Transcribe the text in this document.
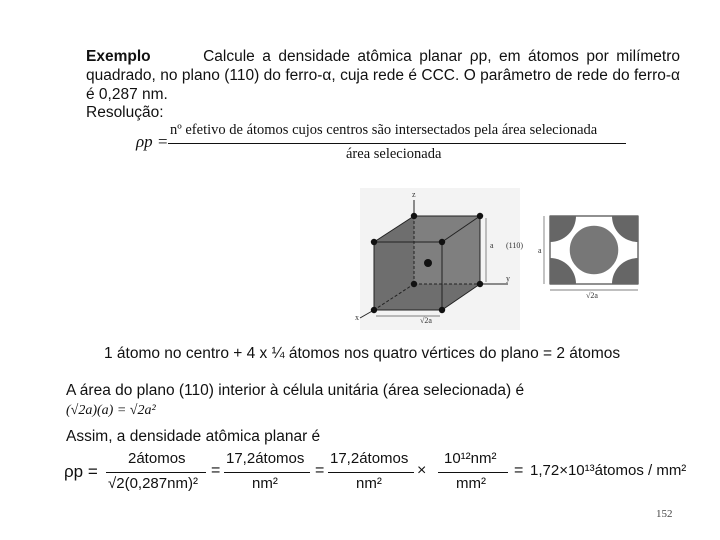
Exemplo	Calcule a densidade atômica planar ρp, em átomos por milímetro quadrado, no plano (110) do ferro-α, cuja rede é CCC. O parâmetro de rede do ferro-α é 0,287 nm.
Resolução:
ρp =
nº efetivo de átomos cujos centros são intersectados pela área selecionada
área selecionada
z
y
x
a (110)
√2a
a
√2a
1 átomo no centro + 4 x ¼ átomos nos quatro vértices do plano = 2 átomos
A área do plano (110) interior à célula unitária (área selecionada) é
(√2a)(a) = √2a²
Assim, a densidade atômica planar é
ρp =
2átomos
√2(0,287nm)²
=
17,2átomos
nm²
=
17,2átomos
nm²
×
10¹²nm²
mm²
= 1,72×10¹³átomos / mm²
152
